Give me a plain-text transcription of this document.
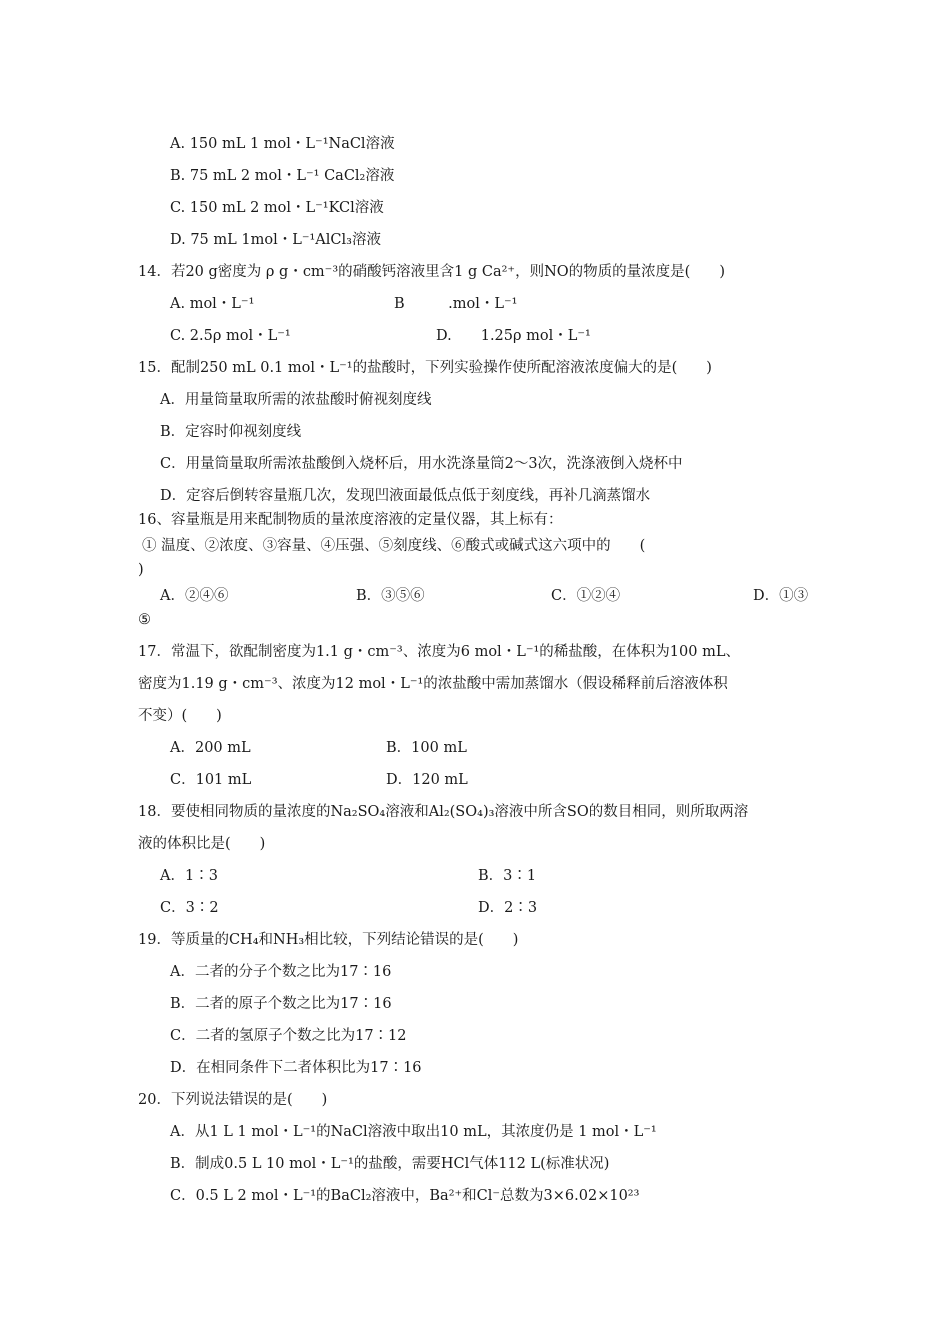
A. 150 mL 1 mol・L⁻¹NaCl溶液
B. 75 mL 2 mol・L⁻¹ CaCl₂溶液
C. 150 mL 2 mol・L⁻¹KCl溶液
D. 75 mL 1mol・L⁻¹AlCl₃溶液
14．若20 g密度为 ρ g・cm⁻³的硝酸钙溶液里含1 g Ca²⁺，则NO的物质的量浓度是(　　)
A. mol・L⁻¹	B　　　.mol・L⁻¹
C. 2.5ρ mol・L⁻¹	D.　　1.25ρ mol・L⁻¹
15．配制250 mL 0.1 mol・L⁻¹的盐酸时，下列实验操作使所配溶液浓度偏大的是(　　)
A．用量筒量取所需的浓盐酸时俯视刻度线
B．定容时仰视刻度线
C．用量筒量取所需浓盐酸倒入烧杯后，用水洗涤量筒2～3次，洗涤液倒入烧杯中
D．定容后倒转容量瓶几次，发现凹液面最低点低于刻度线，再补几滴蒸馏水
16、容量瓶是用来配制物质的量浓度溶液的定量仪器，其上标有：
① 温度、②浓度、③容量、④压强、⑤刻度线、⑥酸式或碱式这六项中的　　(
)
A．②④⑥	B．③⑤⑥	C．①②④	D．①③
⑤
17．常温下，欲配制密度为1.1 g・cm⁻³、浓度为6 mol・L⁻¹的稀盐酸，在体积为100 mL、
密度为1.19 g・cm⁻³、浓度为12 mol・L⁻¹的浓盐酸中需加蒸馏水（假设稀释前后溶液体积
不变）(　　)
A．200 mL	B．100 mL
C．101 mL	D．120 mL
18．要使相同物质的量浓度的Na₂SO₄溶液和Al₂(SO₄)₃溶液中所含SO的数目相同，则所取两溶
液的体积比是(　　)
A．1∶3	B．3∶1
C．3∶2	D．2∶3
19．等质量的CH₄和NH₃相比较，下列结论错误的是(　　)
A．二者的分子个数之比为17∶16
B．二者的原子个数之比为17∶16
C．二者的氢原子个数之比为17∶12
D．在相同条件下二者体积比为17∶16
20．下列说法错误的是(　　)
A．从1 L 1 mol・L⁻¹的NaCl溶液中取出10 mL，其浓度仍是 1 mol・L⁻¹
B．制成0.5 L 10 mol・L⁻¹的盐酸，需要HCl气体112 L(标准状况)
C．0.5 L 2 mol・L⁻¹的BaCl₂溶液中，Ba²⁺和Cl⁻总数为3×6.02×10²³
